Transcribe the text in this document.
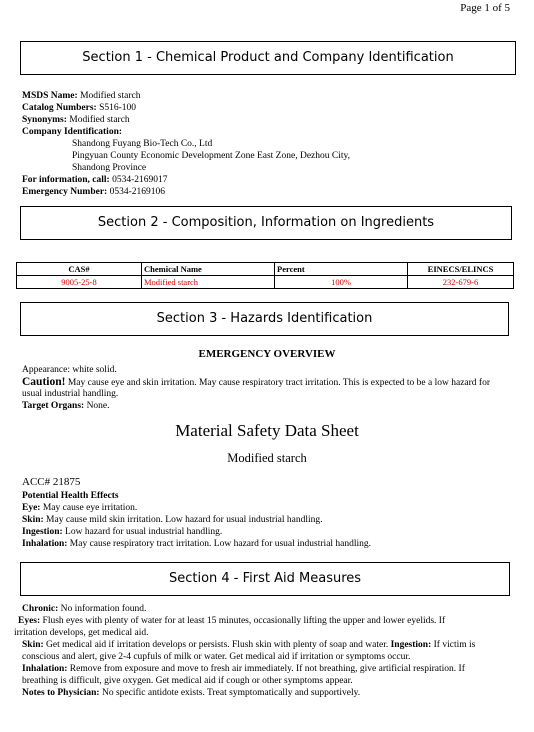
Page 1 of 5
Section 1 - Chemical Product and Company Identification
MSDS Name: Modified starch
Catalog Numbers: S516-100
Synonyms: Modified starch
Company Identification:
Shandong Fuyang Bio-Tech Co., Ltd
Pingyuan County Economic Development Zone East Zone, Dezhou City,
Shandong Province
For information, call: 0534-2169017
Emergency Number: 0534-2169106
Section 2 - Composition, Information on Ingredients
CAS#	Chemical Name	Percent	EINECS/ELINCS
9005-25-8	Modified starch	100%	232-679-6
Section 3 - Hazards Identification
EMERGENCY OVERVIEW
Appearance: white solid.
Caution! May cause eye and skin irritation. May cause respiratory tract irritation. This is expected to be a low hazard for
usual industrial handling.
Target Organs: None.
Material Safety Data Sheet
Modified starch
ACC# 21875
Potential Health Effects
Eye: May cause eye irritation.
Skin: May cause mild skin irritation. Low hazard for usual industrial handling.
Ingestion: Low hazard for usual industrial handling.
Inhalation: May cause respiratory tract irritation. Low hazard for usual industrial handling.
Section 4 - First Aid Measures
Chronic: No information found.
Eyes: Flush eyes with plenty of water for at least 15 minutes, occasionally lifting the upper and lower eyelids. If
irritation develops, get medical aid.
Skin: Get medical aid if irritation develops or persists. Flush skin with plenty of soap and water. Ingestion: If victim is
conscious and alert, give 2-4 cupfuls of milk or water. Get medical aid if irritation or symptoms occur.
Inhalation: Remove from exposure and move to fresh air immediately. If not breathing, give artificial respiration. If
breathing is difficult, give oxygen. Get medical aid if cough or other symptoms appear.
Notes to Physician: No specific antidote exists. Treat symptomatically and supportively.
